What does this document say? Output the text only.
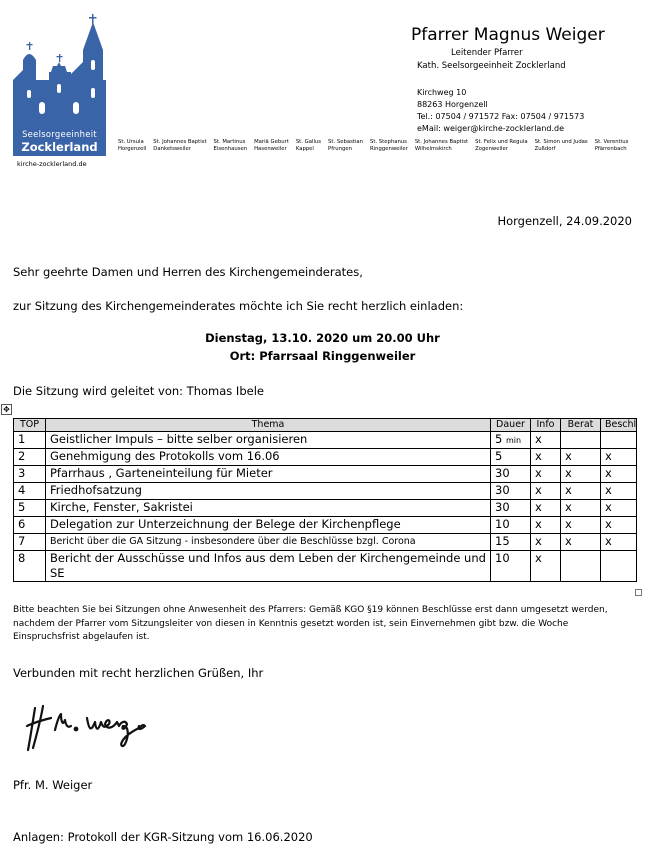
Seelsorgeeinheit
Zocklerland
kirche-zocklerland.de
Pfarrer Magnus Weiger
Leitender Pfarrer
Kath. Seelsorgeeinheit Zocklerland
Kirchweg 10
88263 Horgenzell
Tel.: 07504 / 971572 Fax: 07504 / 971573
eMail: weiger@kirche-zocklerland.de
St. Ursula
Horgenzell
St. Johannes Baptist
Danketsweiler
St. Martinus
Eisenhausen
Mariä Geburt
Hasenweiler
St. Gallus
Kappel
St. Sebastian
Pfrungen
St. Stephanus
Ringgenweiler
St. Johannes Baptist
Wilhelmskirch
St. Felix und Regula
Zogenweiler
St. Simon und Judas
Zußdorf
St. Verentius
Pfärrenbach
Horgenzell, 24.09.2020
Sehr geehrte Damen und Herren des Kirchengemeinderates,
zur Sitzung des Kirchengemeinderates möchte ich Sie recht herzlich einladen:
Dienstag, 13.10. 2020 um 20.00 Uhr
Ort: Pfarrsaal Ringgenweiler
Die Sitzung wird geleitet von: Thomas Ibele
✥
TOP	Thema	Dauer	Info	Berat	Beschl
1	Geistlicher Impuls – bitte selber organisieren	5 min	x		
2	Genehmigung des Protokolls vom 16.06	5	x	x	x
3	Pfarrhaus , Garteneinteilung für Mieter	30	x	x	x
4	Friedhofsatzung	30	x	x	x
5	Kirche, Fenster, Sakristei	30	x	x	x
6	Delegation zur Unterzeichnung der Belege der Kirchenpflege	10	x	x	x
7	Bericht über die GA Sitzung - insbesondere über die Beschlüsse bzgl. Corona	15	x	x	x
8	Bericht der Ausschüsse und Infos aus dem Leben der Kirchengemeinde und SE	10	x		
Bitte beachten Sie bei Sitzungen ohne Anwesenheit des Pfarrers: Gemäß KGO §19 können Beschlüsse erst dann umgesetzt werden, nachdem der Pfarrer vom Sitzungsleiter von diesen in Kenntnis gesetzt worden ist, sein Einvernehmen gibt bzw. die Woche Einspruchsfrist abgelaufen ist.
Verbunden mit recht herzlichen Grüßen, Ihr
Pfr. M. Weiger
Anlagen: Protokoll der KGR-Sitzung vom 16.06.2020
